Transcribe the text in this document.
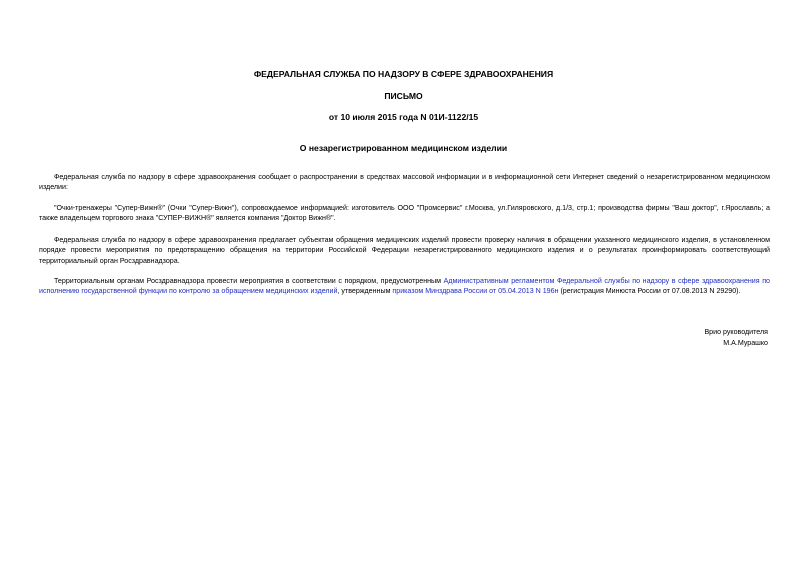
ФЕДЕРАЛЬНАЯ СЛУЖБА ПО НАДЗОРУ В СФЕРЕ ЗДРАВООХРАНЕНИЯ
ПИСЬМО
от 10 июля 2015 года N 01И-1122/15
О незарегистрированном медицинском изделии
Федеральная служба по надзору в сфере здравоохранения сообщает о распространении в средствах массовой информации и в информационной сети Интернет сведений о незарегистрированном медицинском изделии:
"Очки-тренажеры "Супер-Вижн®" (Очки "Супер-Вижн"), сопровождаемое информацией: изготовитель ООО "Промсервис" г.Москва, ул.Гиляровского, д.1/3, стр.1; производства фирмы "Ваш доктор", г.Ярославль; а также владельцем торгового знака "СУПЕР-ВИЖН®" является компания "Доктор Вижн®".
Федеральная служба по надзору в сфере здравоохранения предлагает субъектам обращения медицинских изделий провести проверку наличия в обращении указанного медицинского изделия, в установленном порядке провести мероприятия по предотвращению обращения на территории Российской Федерации незарегистрированного медицинского изделия и о результатах проинформировать соответствующий территориальный орган Росздравнадзора.
Территориальным органам Росздравнадзора провести мероприятия в соответствии с порядком, предусмотренным Административным регламентом Федеральной службы по надзору в сфере здравоохранения по исполнению государственной функции по контролю за обращением медицинских изделий, утвержденным приказом Минздрава России от 05.04.2013 N 196н (регистрация Минюста России от 07.08.2013 N 29290).
Врио руководителя
М.А.Мурашко
